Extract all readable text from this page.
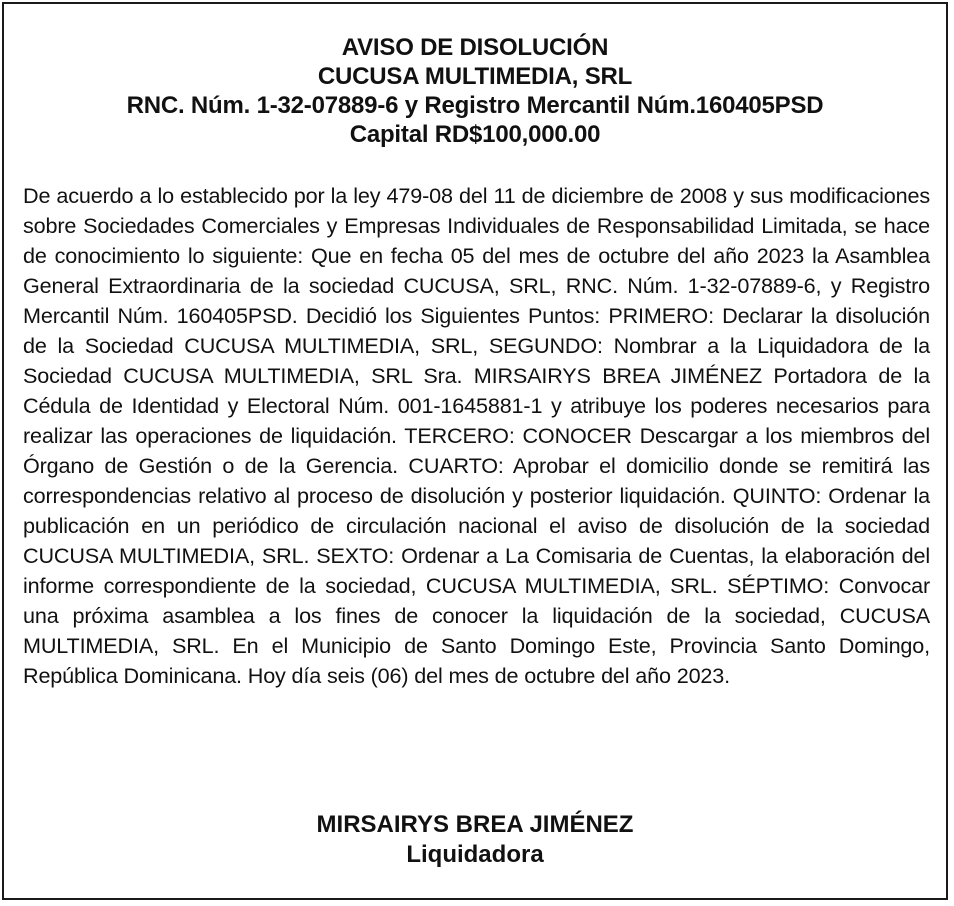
AVISO DE DISOLUCIÓN
CUCUSA MULTIMEDIA, SRL
RNC. Núm. 1-32-07889-6 y Registro Mercantil Núm.160405PSD
Capital RD$100,000.00

De acuerdo a lo establecido por la ley 479-08 del 11 de diciembre de 2008 y sus modificaciones sobre Sociedades Comerciales y Empresas Individuales de Responsabilidad Limitada, se hace de conocimiento lo siguiente: Que en fecha 05 del mes de octubre del año 2023 la Asamblea General Extraordinaria de la sociedad CUCUSA, SRL, RNC. Núm. 1-32-07889-6, y Registro Mercantil Núm. 160405PSD. Decidió los Siguientes Puntos: PRIMERO: Declarar la disolución de la Sociedad CUCUSA MULTIMEDIA, SRL, SEGUNDO: Nombrar a la Liquidadora de la Sociedad CUCUSA MULTIMEDIA, SRL Sra. MIRSAIRYS BREA JIMÉNEZ Portadora de la Cédula de Identidad y Electoral Núm. 001-1645881-1 y atribuye los poderes necesarios para realizar las operaciones de liquidación. TERCERO: CONOCER Descargar a los miembros del Órgano de Gestión o de la Gerencia. CUARTO: Aprobar el domicilio donde se remitirá las correspondencias relativo al proceso de disolución y posterior liquidación. QUINTO: Ordenar la publicación en un periódico de circulación nacional el aviso de disolución de la sociedad CUCUSA MULTIMEDIA, SRL. SEXTO: Ordenar a La Comisaria de Cuentas, la elaboración del informe correspondiente de la sociedad, CUCUSA MULTIMEDIA, SRL. SÉPTIMO: Convocar una próxima asamblea a los fines de conocer la liquidación de la sociedad, CUCUSA MULTIMEDIA, SRL. En el Municipio de Santo Domingo Este, Provincia Santo Domingo, República Dominicana. Hoy día seis (06) del mes de octubre del año 2023.

MIRSAIRYS BREA JIMÉNEZ
Liquidadora
